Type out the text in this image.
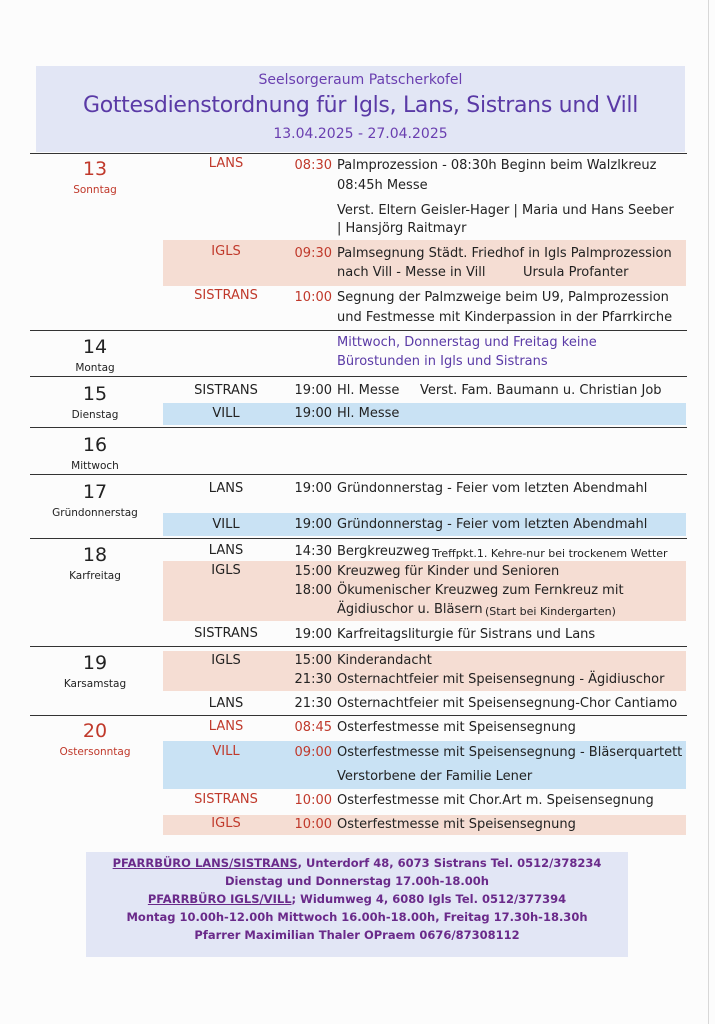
Seelsorgeraum Patscherkofel
Gottesdienstordnung für Igls, Lans, Sistrans und Vill
13.04.2025 - 27.04.2025
13
Sonntag
LANS	08:30 Palmprozession - 08:30h Beginn beim Walzlkreuz
08:45h Messe
Verst. Eltern Geisler-Hager | Maria und Hans Seeber
| Hansjörg Raitmayr
IGLS	09:30 Palmsegnung Städt. Friedhof in Igls Palmprozession
nach Vill - Messe in Vill	Ursula Profanter
SISTRANS	10:00 Segnung der Palmzweige beim U9, Palmprozession
und Festmesse mit Kinderpassion in der Pfarrkirche
14
Montag
Mittwoch, Donnerstag und Freitag keine
Bürostunden in Igls und Sistrans
15
Dienstag
SISTRANS	19:00 Hl. Messe Verst. Fam. Baumann u. Christian Job
VILL	19:00 Hl. Messe
16
Mittwoch
17
Gründonnerstag
LANS	19:00 Gründonnerstag - Feier vom letzten Abendmahl
VILL	19:00 Gründonnerstag - Feier vom letzten Abendmahl
18
Karfreitag
LANS	14:30 Bergkreuzweg Treffpkt.1. Kehre-nur bei trockenem Wetter
IGLS	15:00 Kreuzweg für Kinder und Senioren
18:00 Ökumenischer Kreuzweg zum Fernkreuz mit
Ägidiuschor u. Bläsern (Start bei Kindergarten)
SISTRANS	19:00 Karfreitagsliturgie für Sistrans und Lans
19
Karsamstag
IGLS	15:00 Kinderandacht
21:30 Osternachtfeier mit Speisensegnung - Ägidiuschor
LANS	21:30 Osternachtfeier mit Speisensegnung-Chor Cantiamo
20
Ostersonntag
LANS	08:45 Osterfestmesse mit Speisensegnung
VILL	09:00 Osterfestmesse mit Speisensegnung - Bläserquartett
Verstorbene der Familie Lener
SISTRANS	10:00 Osterfestmesse mit Chor.Art m. Speisensegnung
IGLS	10:00 Osterfestmesse mit Speisensegnung
PFARRBÜRO LANS/SISTRANS, Unterdorf 48, 6073 Sistrans Tel. 0512/378234
Dienstag und Donnerstag 17.00h-18.00h
PFARRBÜRO IGLS/VILL; Widumweg 4, 6080 Igls Tel. 0512/377394
Montag 10.00h-12.00h Mittwoch 16.00h-18.00h, Freitag 17.30h-18.30h
Pfarrer Maximilian Thaler OPraem 0676/87308112
